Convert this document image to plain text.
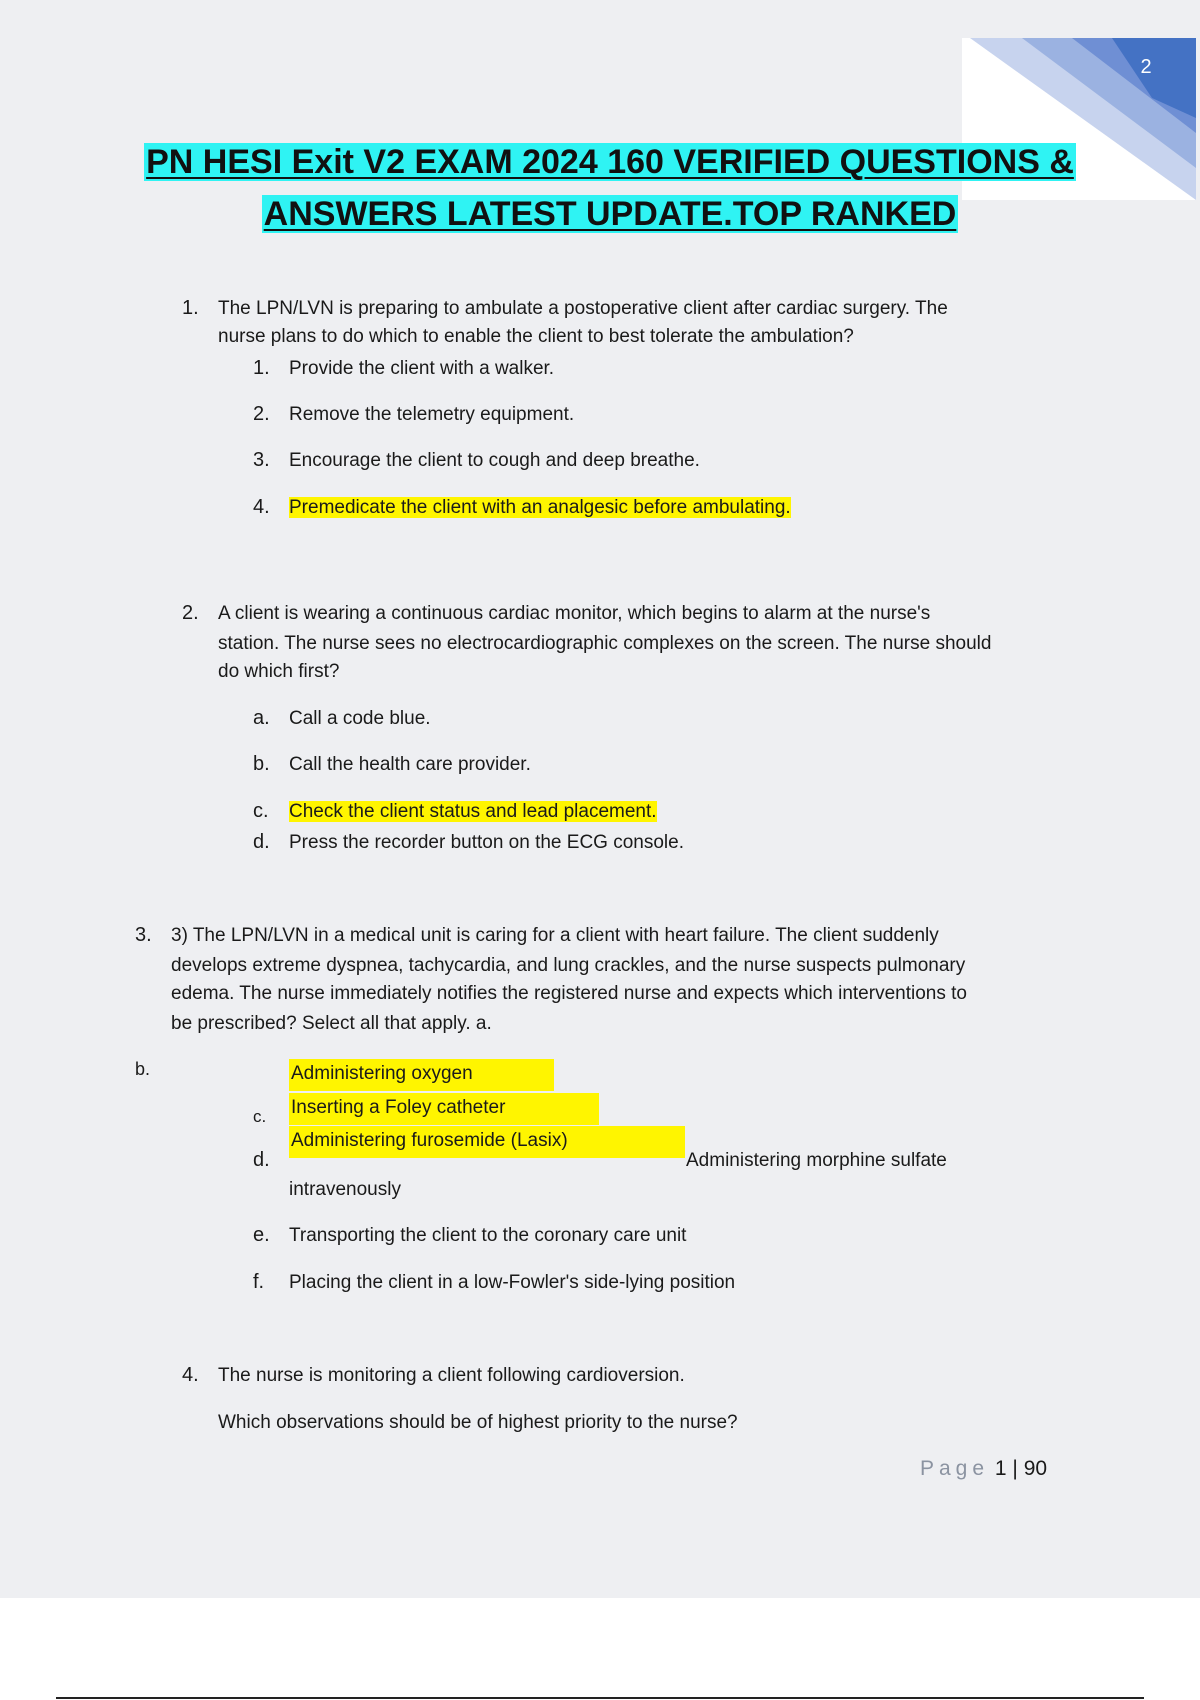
2
PN HESI Exit V2 EXAM 2024 160 VERIFIED QUESTIONS &
ANSWERS LATEST UPDATE.TOP RANKED
1. The LPN/LVN is preparing to ambulate a postoperative client after cardiac surgery. The
nurse plans to do which to enable the client to best tolerate the ambulation?
1. Provide the client with a walker.
2. Remove the telemetry equipment.
3. Encourage the client to cough and deep breathe.
4. Premedicate the client with an analgesic before ambulating.
2. A client is wearing a continuous cardiac monitor, which begins to alarm at the nurse's
station. The nurse sees no electrocardiographic complexes on the screen. The nurse should
do which first?
a. Call a code blue.
b. Call the health care provider.
c. Check the client status and lead placement.
d. Press the recorder button on the ECG console.
3. 3) The LPN/LVN in a medical unit is caring for a client with heart failure. The client suddenly
develops extreme dyspnea, tachycardia, and lung crackles, and the nurse suspects pulmonary
edema. The nurse immediately notifies the registered nurse and expects which interventions to
be prescribed? Select all that apply. a.
b.	Administering oxygen
c. Inserting a Foley catheter
d.
Administering furosemide (Lasix)
Administering morphine sulfate
intravenously
e. Transporting the client to the coronary care unit
f. Placing the client in a low-Fowler's side-lying position
4. The nurse is monitoring a client following cardioversion.
Which observations should be of highest priority to the nurse?
Page 1 | 90
